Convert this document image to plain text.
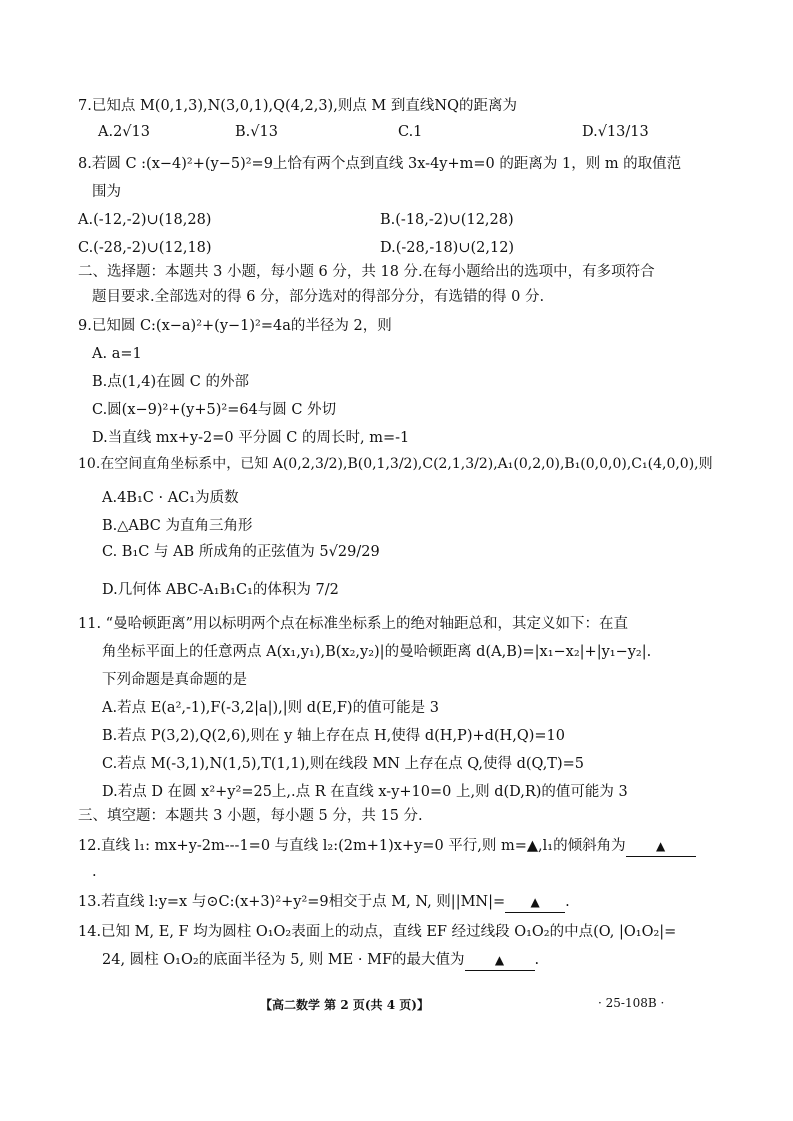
7.已知点 M(0,1,3),N(3,0,1),Q(4,2,3),则点 M 到直线NQ的距离为
A.2√13	B.√13	C.1	D.√13/13
8.若圆 C :(x−4)²+(y−5)²=9上恰有两个点到直线 3x-4y+m=0 的距离为 1，则 m 的取值范
围为
A.(-12,-2)∪(18,28)	B.(-18,-2)∪(12,28)
C.(-28,-2)∪(12,18)	D.(-28,-18)∪(2,12)
二、选择题：本题共 3 小题，每小题 6 分，共 18 分.在每小题给出的选项中，有多项符合
题目要求.全部选对的得 6 分，部分选对的得部分分，有选错的得 0 分.
9.已知圆 C:(x−a)²+(y−1)²=4a的半径为 2，则
A. a=1
B.点(1,4)在圆 C 的外部
C.圆(x−9)²+(y+5)²=64与圆 C 外切
D.当直线 mx+y-2=0 平分圆 C 的周长时, m=-1
10.在空间直角坐标系中，已知 A(0,2,3/2),B(0,1,3/2),C(2,1,3/2),A₁(0,2,0),B₁(0,0,0),C₁(4,0,0),则
A.4B₁C · AC₁为质数
B.△ABC 为直角三角形
C. B₁C 与 AB 所成角的正弦值为 5√29/29
D.几何体 ABC-A₁B₁C₁的体积为 7/2
11. “曼哈顿距离”用以标明两个点在标准坐标系上的绝对轴距总和，其定义如下：在直
角坐标平面上的任意两点 A(x₁,y₁),B(x₂,y₂)|的曼哈顿距离 d(A,B)=|x₁−x₂|+|y₁−y₂|.
下列命题是真命题的是
A.若点 E(a²,-1),F(-3,2|a|),|则 d(E,F)的值可能是 3
B.若点 P(3,2),Q(2,6),则在 y 轴上存在点 H,使得 d(H,P)+d(H,Q)=10
C.若点 M(-3,1),N(1,5),T(1,1),则在线段 MN 上存在点 Q,使得 d(Q,T)=5
D.若点 D 在圆 x²+y²=25上,.点 R 在直线 x-y+10=0 上,则 d(D,R)的值可能为 3
三、填空题：本题共 3 小题，每小题 5 分，共 15 分.
12.直线 l₁: mx+y-2m---1=0 与直线 l₂:(2m+1)x+y=0 平行,则 m=▲,l₁的倾斜角为	▲
.
13.若直线 l:y=x 与⊙C:(x+3)²+y²=9相交于点 M, N, 则||MN|= ▲ .
14.已知 M, E, F 均为圆柱 O₁O₂表面上的动点，直线 EF 经过线段 O₁O₂的中点(O, |O₁O₂|=
24, 圆柱 O₁O₂的底面半径为 5, 则 ME · MF的最大值为	▲ .
【高二数学 第 2 页(共 4 页)】	· 25-108B ·
